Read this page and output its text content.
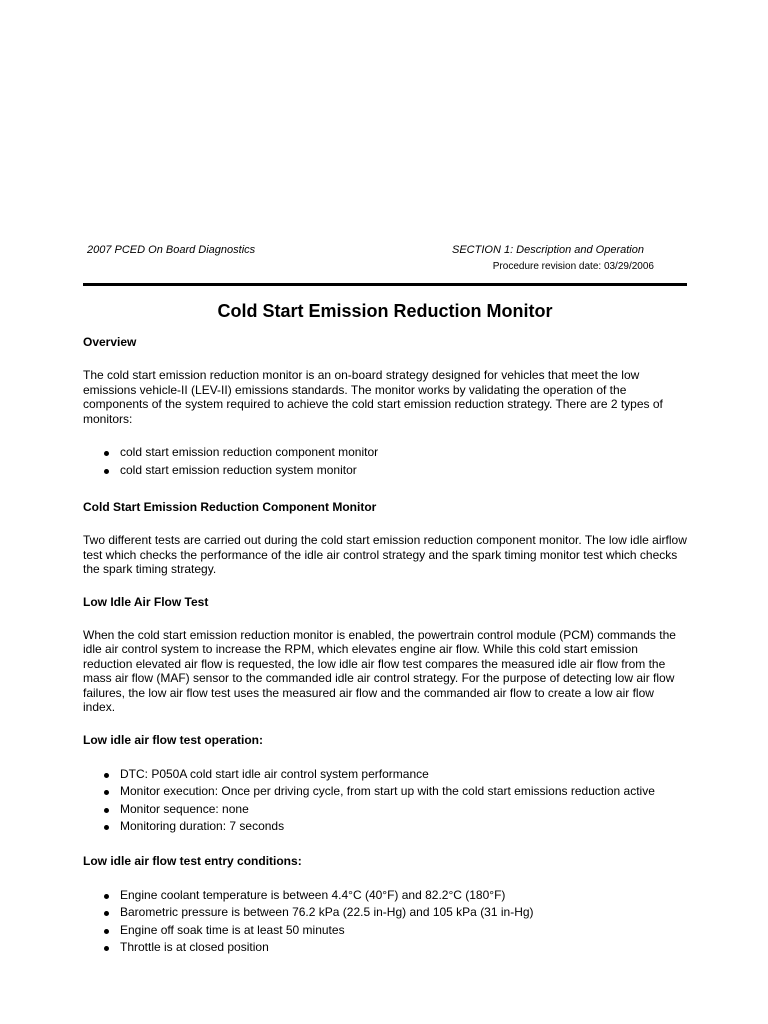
2007 PCED On Board Diagnostics	SECTION 1: Description and Operation
Procedure revision date: 03/29/2006
Cold Start Emission Reduction Monitor
Overview

The cold start emission reduction monitor is an on-board strategy designed for vehicles that meet the low emissions vehicle-II (LEV-II) emissions standards. The monitor works by validating the operation of the components of the system required to achieve the cold start emission reduction strategy. There are 2 types of monitors:

cold start emission reduction component monitor
cold start emission reduction system monitor
Cold Start Emission Reduction Component Monitor

Two different tests are carried out during the cold start emission reduction component monitor. The low idle airflow test which checks the performance of the idle air control strategy and the spark timing monitor test which checks the spark timing strategy.

Low Idle Air Flow Test

When the cold start emission reduction monitor is enabled, the powertrain control module (PCM) commands the idle air control system to increase the RPM, which elevates engine air flow. While this cold start emission reduction elevated air flow is requested, the low idle air flow test compares the measured idle air flow from the mass air flow (MAF) sensor to the commanded idle air control strategy. For the purpose of detecting low air flow failures, the low air flow test uses the measured air flow and the commanded air flow to create a low air flow index.

Low idle air flow test operation:
DTC: P050A cold start idle air control system performance
Monitor execution: Once per driving cycle, from start up with the cold start emissions reduction active
Monitor sequence: none
Monitoring duration: 7 seconds
Low idle air flow test entry conditions:
Engine coolant temperature is between 4.4°C (40°F) and 82.2°C (180°F)
Barometric pressure is between 76.2 kPa (22.5 in-Hg) and 105 kPa (31 in-Hg)
Engine off soak time is at least 50 minutes
Throttle is at closed position
